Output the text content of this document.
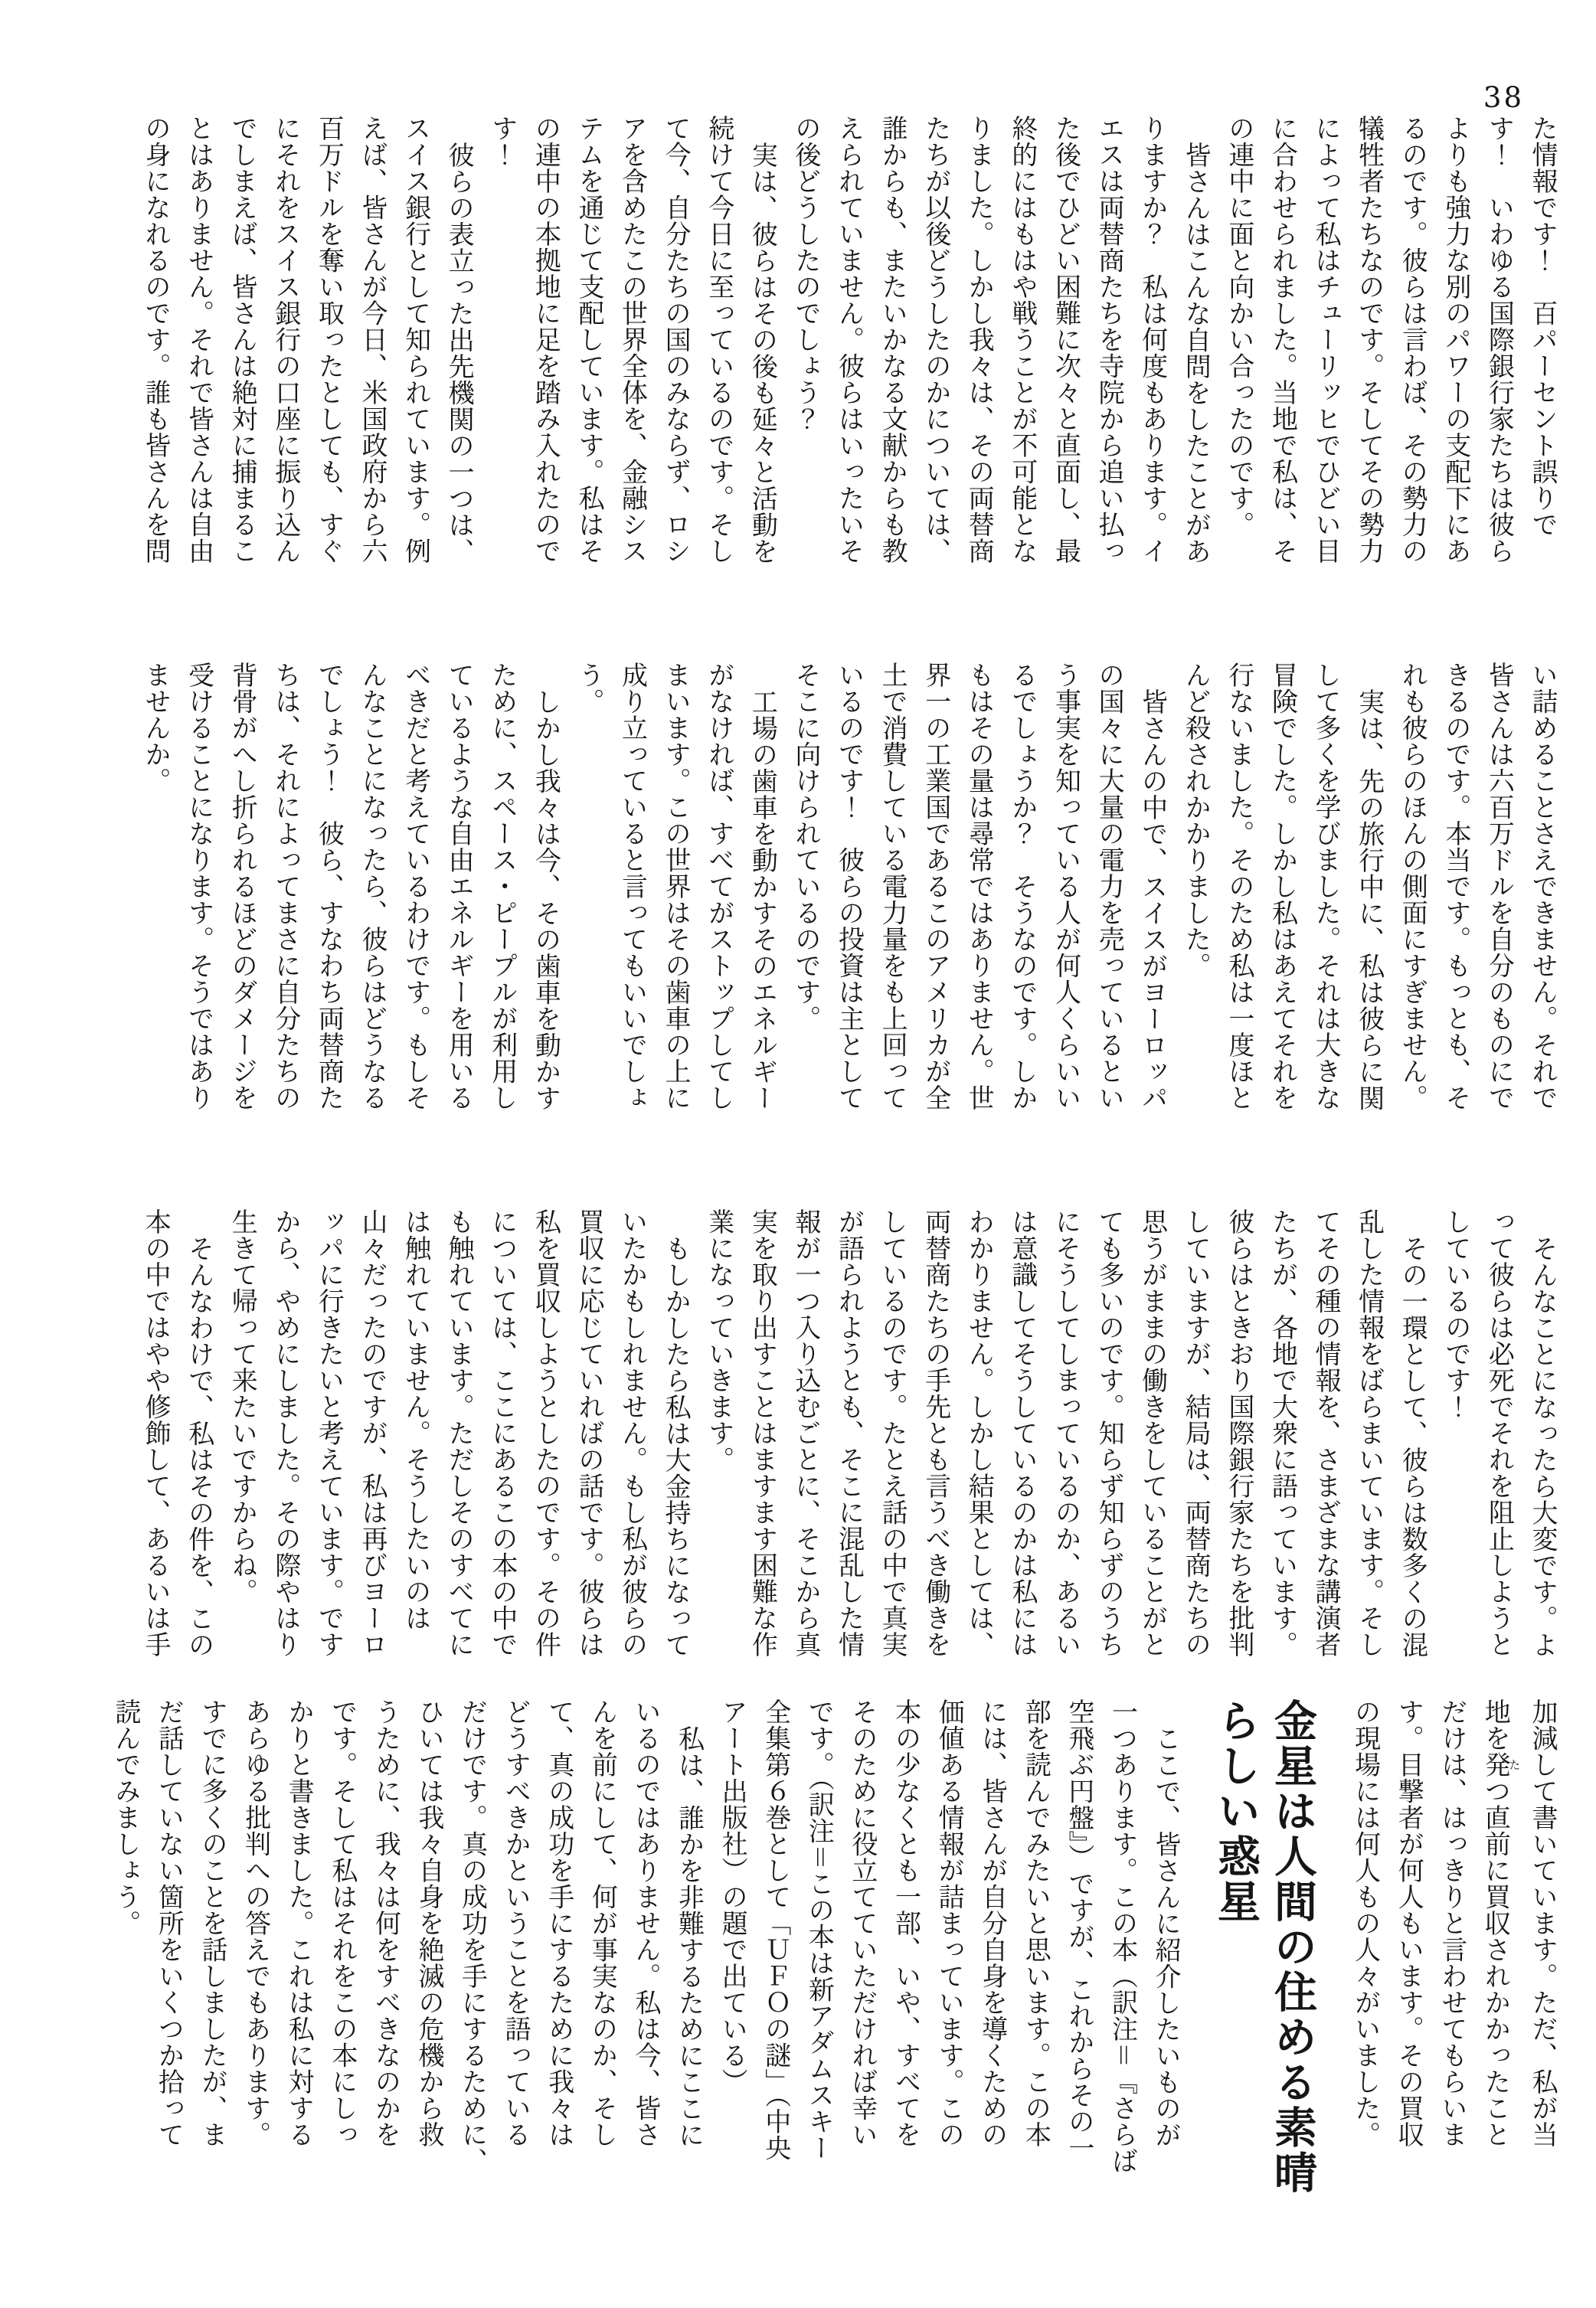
38
た情報です！　百パーセント誤りで
す！　いわゆる国際銀行家たちは彼ら
よりも強力な別のパワーの支配下にあ
るのです。彼らは言わば、その勢力の
犠牲者たちなのです。そしてその勢力
によって私はチューリッヒでひどい目
に合わせられました。当地で私は、そ
の連中に面と向かい合ったのです。
皆さんはこんな自問をしたことがあ
りますか？　私は何度もあります。イ
エスは両替商たちを寺院から追い払っ
た後でひどい困難に次々と直面し、最
終的にはもはや戦うことが不可能とな
りました。しかし我々は、その両替商
たちが以後どうしたのかについては、
誰からも、またいかなる文献からも教
えられていません。彼らはいったいそ
の後どうしたのでしょう？
実は、彼らはその後も延々と活動を
続けて今日に至っているのです。そし
て今、自分たちの国のみならず、ロシ
アを含めたこの世界全体を、金融シス
テムを通じて支配しています。私はそ
の連中の本拠地に足を踏み入れたので
す！
彼らの表立った出先機関の一つは、
スイス銀行として知られています。例
えば、皆さんが今日、米国政府から六
百万ドルを奪い取ったとしても、すぐ
にそれをスイス銀行の口座に振り込ん
でしまえば、皆さんは絶対に捕まるこ
とはありません。それで皆さんは自由
の身になれるのです。誰も皆さんを問
い詰めることさえできません。それで
皆さんは六百万ドルを自分のものにで
きるのです。本当です。もっとも、そ
れも彼らのほんの側面にすぎません。
実は、先の旅行中に、私は彼らに関
して多くを学びました。それは大きな
冒険でした。しかし私はあえてそれを
行ないました。そのため私は一度ほと
んど殺されかかりました。
皆さんの中で、スイスがヨーロッパ
の国々に大量の電力を売っているとい
う事実を知っている人が何人くらいい
るでしょうか？　そうなのです。しか
もはその量は尋常ではありません。世
界一の工業国であるこのアメリカが全
土で消費している電力量をも上回って
いるのです！　彼らの投資は主として
そこに向けられているのです。
工場の歯車を動かすそのエネルギー
がなければ、すべてがストップしてし
まいます。この世界はその歯車の上に
成り立っていると言ってもいいでしょ
う。
しかし我々は今、その歯車を動かす
ために、スペース・ピープルが利用し
ているような自由エネルギーを用いる
べきだと考えているわけです。もしそ
んなことになったら、彼らはどうなる
でしょう！　彼ら、すなわち両替商た
ちは、それによってまさに自分たちの
背骨がへし折られるほどのダメージを
受けることになります。そうではあり
ませんか。
そんなことになったら大変です。よ
って彼らは必死でそれを阻止しようと
しているのです！
その一環として、彼らは数多くの混
乱した情報をばらまいています。そし
てその種の情報を、さまざまな講演者
たちが、各地で大衆に語っています。
彼らはときおり国際銀行家たちを批判
していますが、結局は、両替商たちの
思うがままの働きをしていることがと
ても多いのです。知らず知らずのうち
にそうしてしまっているのか、あるい
は意識してそうしているのかは私には
わかりません。しかし結果としては、
両替商たちの手先とも言うべき働きを
しているのです。たとえ話の中で真実
が語られようとも、そこに混乱した情
報が一つ入り込むごとに、そこから真
実を取り出すことはますます困難な作
業になっていきます。
もしかしたら私は大金持ちになって
いたかもしれません。もし私が彼らの
買収に応じていればの話です。彼らは
私を買収しようとしたのです。その件
については、ここにあるこの本の中で
も触れています。ただしそのすべてに
は触れていません。そうしたいのは
山々だったのですが、私は再びヨーロ
ッパに行きたいと考えています。です
から、やめにしました。その際やはり
生きて帰って来たいですからね。
そんなわけで、私はその件を、この
本の中ではやや修飾して、あるいは手
加減して書いています。ただ、私が当
地を発たつ直前に買収されかかったこと
だけは、はっきりと言わせてもらいま
す。目撃者が何人もいます。その買収
の現場には何人もの人々がいました。
金星は人間の住める素晴
らしい惑星
ここで、皆さんに紹介したいものが
一つあります。この本（訳注＝『さらば
空飛ぶ円盤』）ですが、これからその一
部を読んでみたいと思います。この本
には、皆さんが自分自身を導くための
価値ある情報が詰まっています。この
本の少なくとも一部、いや、すべてを
そのために役立てていただければ幸い
です。（訳注＝この本は新アダムスキー
全集第６巻として「ＵＦＯの謎」（中央
アート出版社）の題で出ている）
私は、誰かを非難するためにここに
いるのではありません。私は今、皆さ
んを前にして、何が事実なのか、そし
て、真の成功を手にするために我々は
どうすべきかということを語っている
だけです。真の成功を手にするために、
ひいては我々自身を絶滅の危機から救
うために、我々は何をすべきなのかを
です。そして私はそれをこの本にしっ
かりと書きました。これは私に対する
あらゆる批判への答えでもあります。
すでに多くのことを話しましたが、ま
だ話していない箇所をいくつか拾って
読んでみましょう。
